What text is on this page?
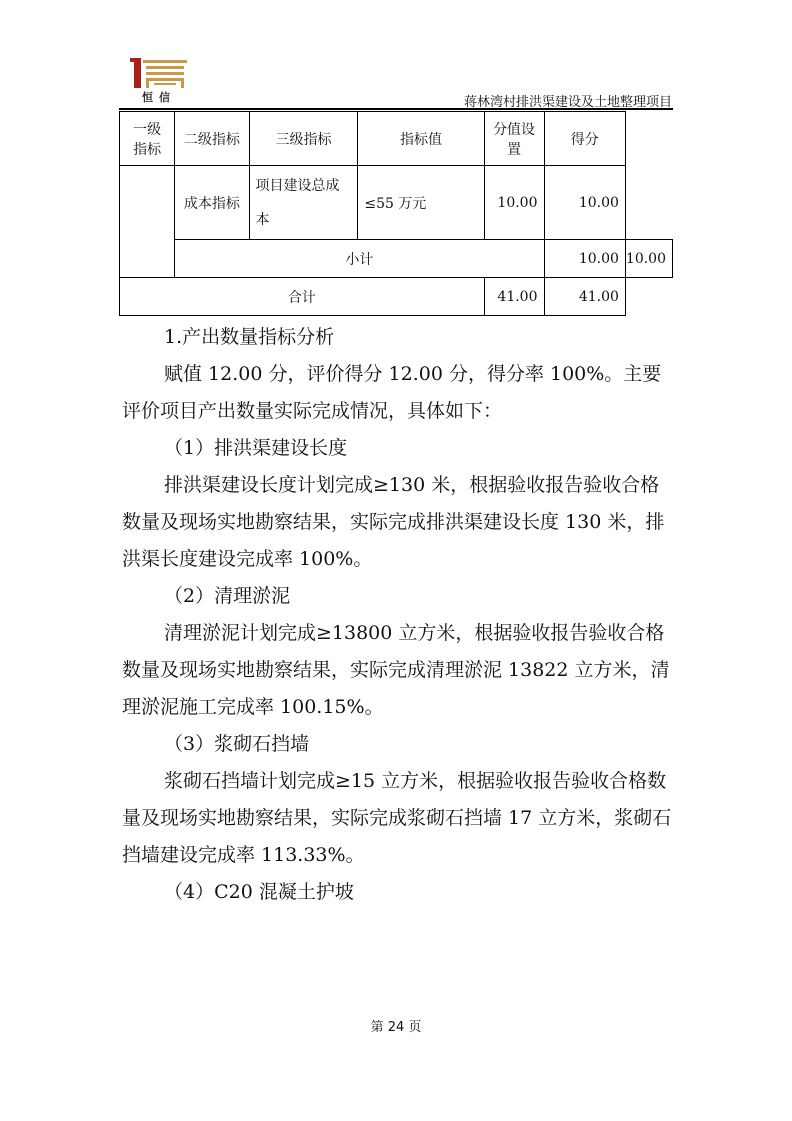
恒信	蒋林湾村排洪渠建设及土地整理项目
一级指标	二级指标	三级指标	指标值	分值设 置	得分	
	成本指标	项目建设总成本	≤55 万元	10.00	10.00	
	小计				10.00	10.00
合计				41.00	41.00	

1.产出数量指标分析

赋值 12.00 分，评价得分 12.00 分，得分率 100%。主要评价项目产出数量实际完成情况，具体如下：

（1）排洪渠建设长度

排洪渠建设长度计划完成≥130 米，根据验收报告验收合格数量及现场实地勘察结果，实际完成排洪渠建设长度 130 米，排洪渠长度建设完成率 100%。

（2）清理淤泥

清理淤泥计划完成≥13800 立方米，根据验收报告验收合格数量及现场实地勘察结果，实际完成清理淤泥 13822 立方米，清理淤泥施工完成率 100.15%。

（3）浆砌石挡墙

浆砌石挡墙计划完成≥15 立方米，根据验收报告验收合格数量及现场实地勘察结果，实际完成浆砌石挡墙 17 立方米，浆砌石挡墙建设完成率 113.33%。

（4）C20 混凝土护坡

第 24 页
